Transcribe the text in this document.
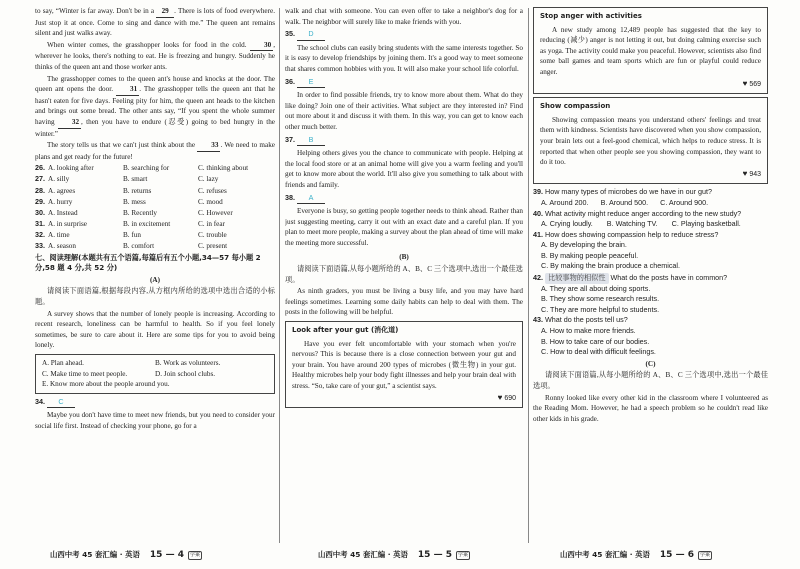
to say, “Winter is far away. Don't be in a 29 . There is lots of food everywhere. Just stop it at once. Come to sing and dance with me.” The queen ant remains silent and just walks away.
When winter comes, the grasshopper looks for food in the cold. 30 , wherever he looks, there's nothing to eat. He is freezing and hungry. Suddenly he thinks of the queen ant and those worker ants.
The grasshopper comes to the queen ant's house and knocks at the door. The queen ant opens the door. 31 . The grasshopper tells the queen ant that he hasn't eaten for five days. Feeling pity for him, the queen ant heads to the kitchen and brings out some bread. The other ants say, “If you spent the whole summer having 32 , then you have to endure (忍受) going to bed hungry in the winter.”
The story tells us that we can't just think about the 33 . We need to make plans and get ready for the future!
26. A. looking after	B. searching for	C. thinking about
27. A. silly	B. smart	C. lazy
28. A. agrees	B. returns	C. refuses
29. A. hurry	B. mess	C. mood
30. A. Instead	B. Recently	C. However
31. A. in surprise	B. in excitement	C. in fear
32. A. time	B. fun	C. trouble
33. A. season	B. comfort	C. present
七、阅读理解(本题共有五个语篇,每篇后有五个小题,34—57 每小题 2 分,58 题 4 分,共 52 分)
(A)
请阅读下面语篇,根据每段内容,从方框内所给的选项中选出合适的小标题。
A survey shows that the number of lonely people is increasing. According to recent research, loneliness can be harmful to health. So if you feel lonely sometimes, be sure to care about it. Here are some tips for you to avoid being lonely.
A. Plan ahead.	B. Work as volunteers.
C. Make time to meet people.	D. Join school clubs.
E. Know more about the people around you.
34. C
Maybe you don't have time to meet new friends, but you need to consider your social life first. Instead of checking your phone, go for a
walk and chat with someone. You can even offer to take a neighbor's dog for a walk. The neighbor will surely like to make friends with you.
35. D
The school clubs can easily bring students with the same interests together. So it is easy to develop friendships by joining them. It's a good way to meet someone that shares common hobbies with you. It will also make your school life colorful.
36. E
In order to find possible friends, try to know more about them. What do they like doing? Join one of their activities. What subject are they interested in? Find out more about it and discuss it with them. In this way, you can get to know each other much better.
37. B
Helping others gives you the chance to communicate with people. Helping at the local food store or at an animal home will give you a warm feeling and you'll get to know more about the world. It'll also give you something to talk about with friends and family.
38. A
Everyone is busy, so getting people together needs to think ahead. Rather than just suggesting meeting, carry it out with an exact date and a careful plan. If you plan to meet more people, making a survey about the plan ahead of time will make the meeting more successful.
(B)
请阅读下面语篇,从每小题所给的 A、B、C 三个选项中,选出一个最佳选项。
As ninth graders, you must be living a busy life, and you may have hard feelings sometimes. Learning some daily habits can help to deal with them. The posts in the following will be helpful.
Look after your gut (消化道)
Have you ever felt uncomfortable with your stomach when you're nervous? This is because there is a close connection between your gut and your brain. You have around 200 types of microbes (微生物) in your gut. Healthy microbes help your body fight illnesses and help your brain deal with stress. “So, take care of your gut,” a scientist says.
♥ 690
Stop anger with activities
A new study among 12,489 people has suggested that the key to reducing (减少) anger is not letting it out, but doing calming exercise such as yoga. The activity could make you peaceful. However, scientists also find some ball games and team sports which are fun or playful could reduce anger.
♥ 569
Show compassion
Showing compassion means you understand others' feelings and treat them with kindness. Scientists have discovered when you show compassion, your brain lets out a feel-good chemical, which helps to reduce stress. It is reported that when other people see you showing compassion, they want to do it too.
♥ 943
39. How many types of microbes do we have in our gut?
A. Around 200. B. Around 500. C. Around 900.
40. What activity might reduce anger according to the new study?
A. Crying loudly. B. Watching TV. C. Playing basketball.
41. How does showing compassion help to reduce stress?
A. By developing the brain.
B. By making people peaceful.
C. By making the brain produce a chemical.
42. 比较事物的相似性 What do the posts have in common?
A. They are all about doing sports.
B. They show some research results.
C. They are more helpful to students.
43. What do the posts tell us?
A. How to make more friends.
B. How to take care of our bodies.
C. How to deal with difficult feelings.
(C)
请阅读下面语篇,从每小题所给的 A、B、C 三个选项中,选出一个最佳选项。
Ronny looked like every other kid in the classroom where I volunteered as the Reading Mom. However, he had a speech problem so he couldn't read like other kids in his grade.
山西中考 45 套汇编 · 英语 15 — 4	学案	山西中考 45 套汇编 · 英语 15 — 5	学案	山西中考 45 套汇编 · 英语 15 — 6	学案
